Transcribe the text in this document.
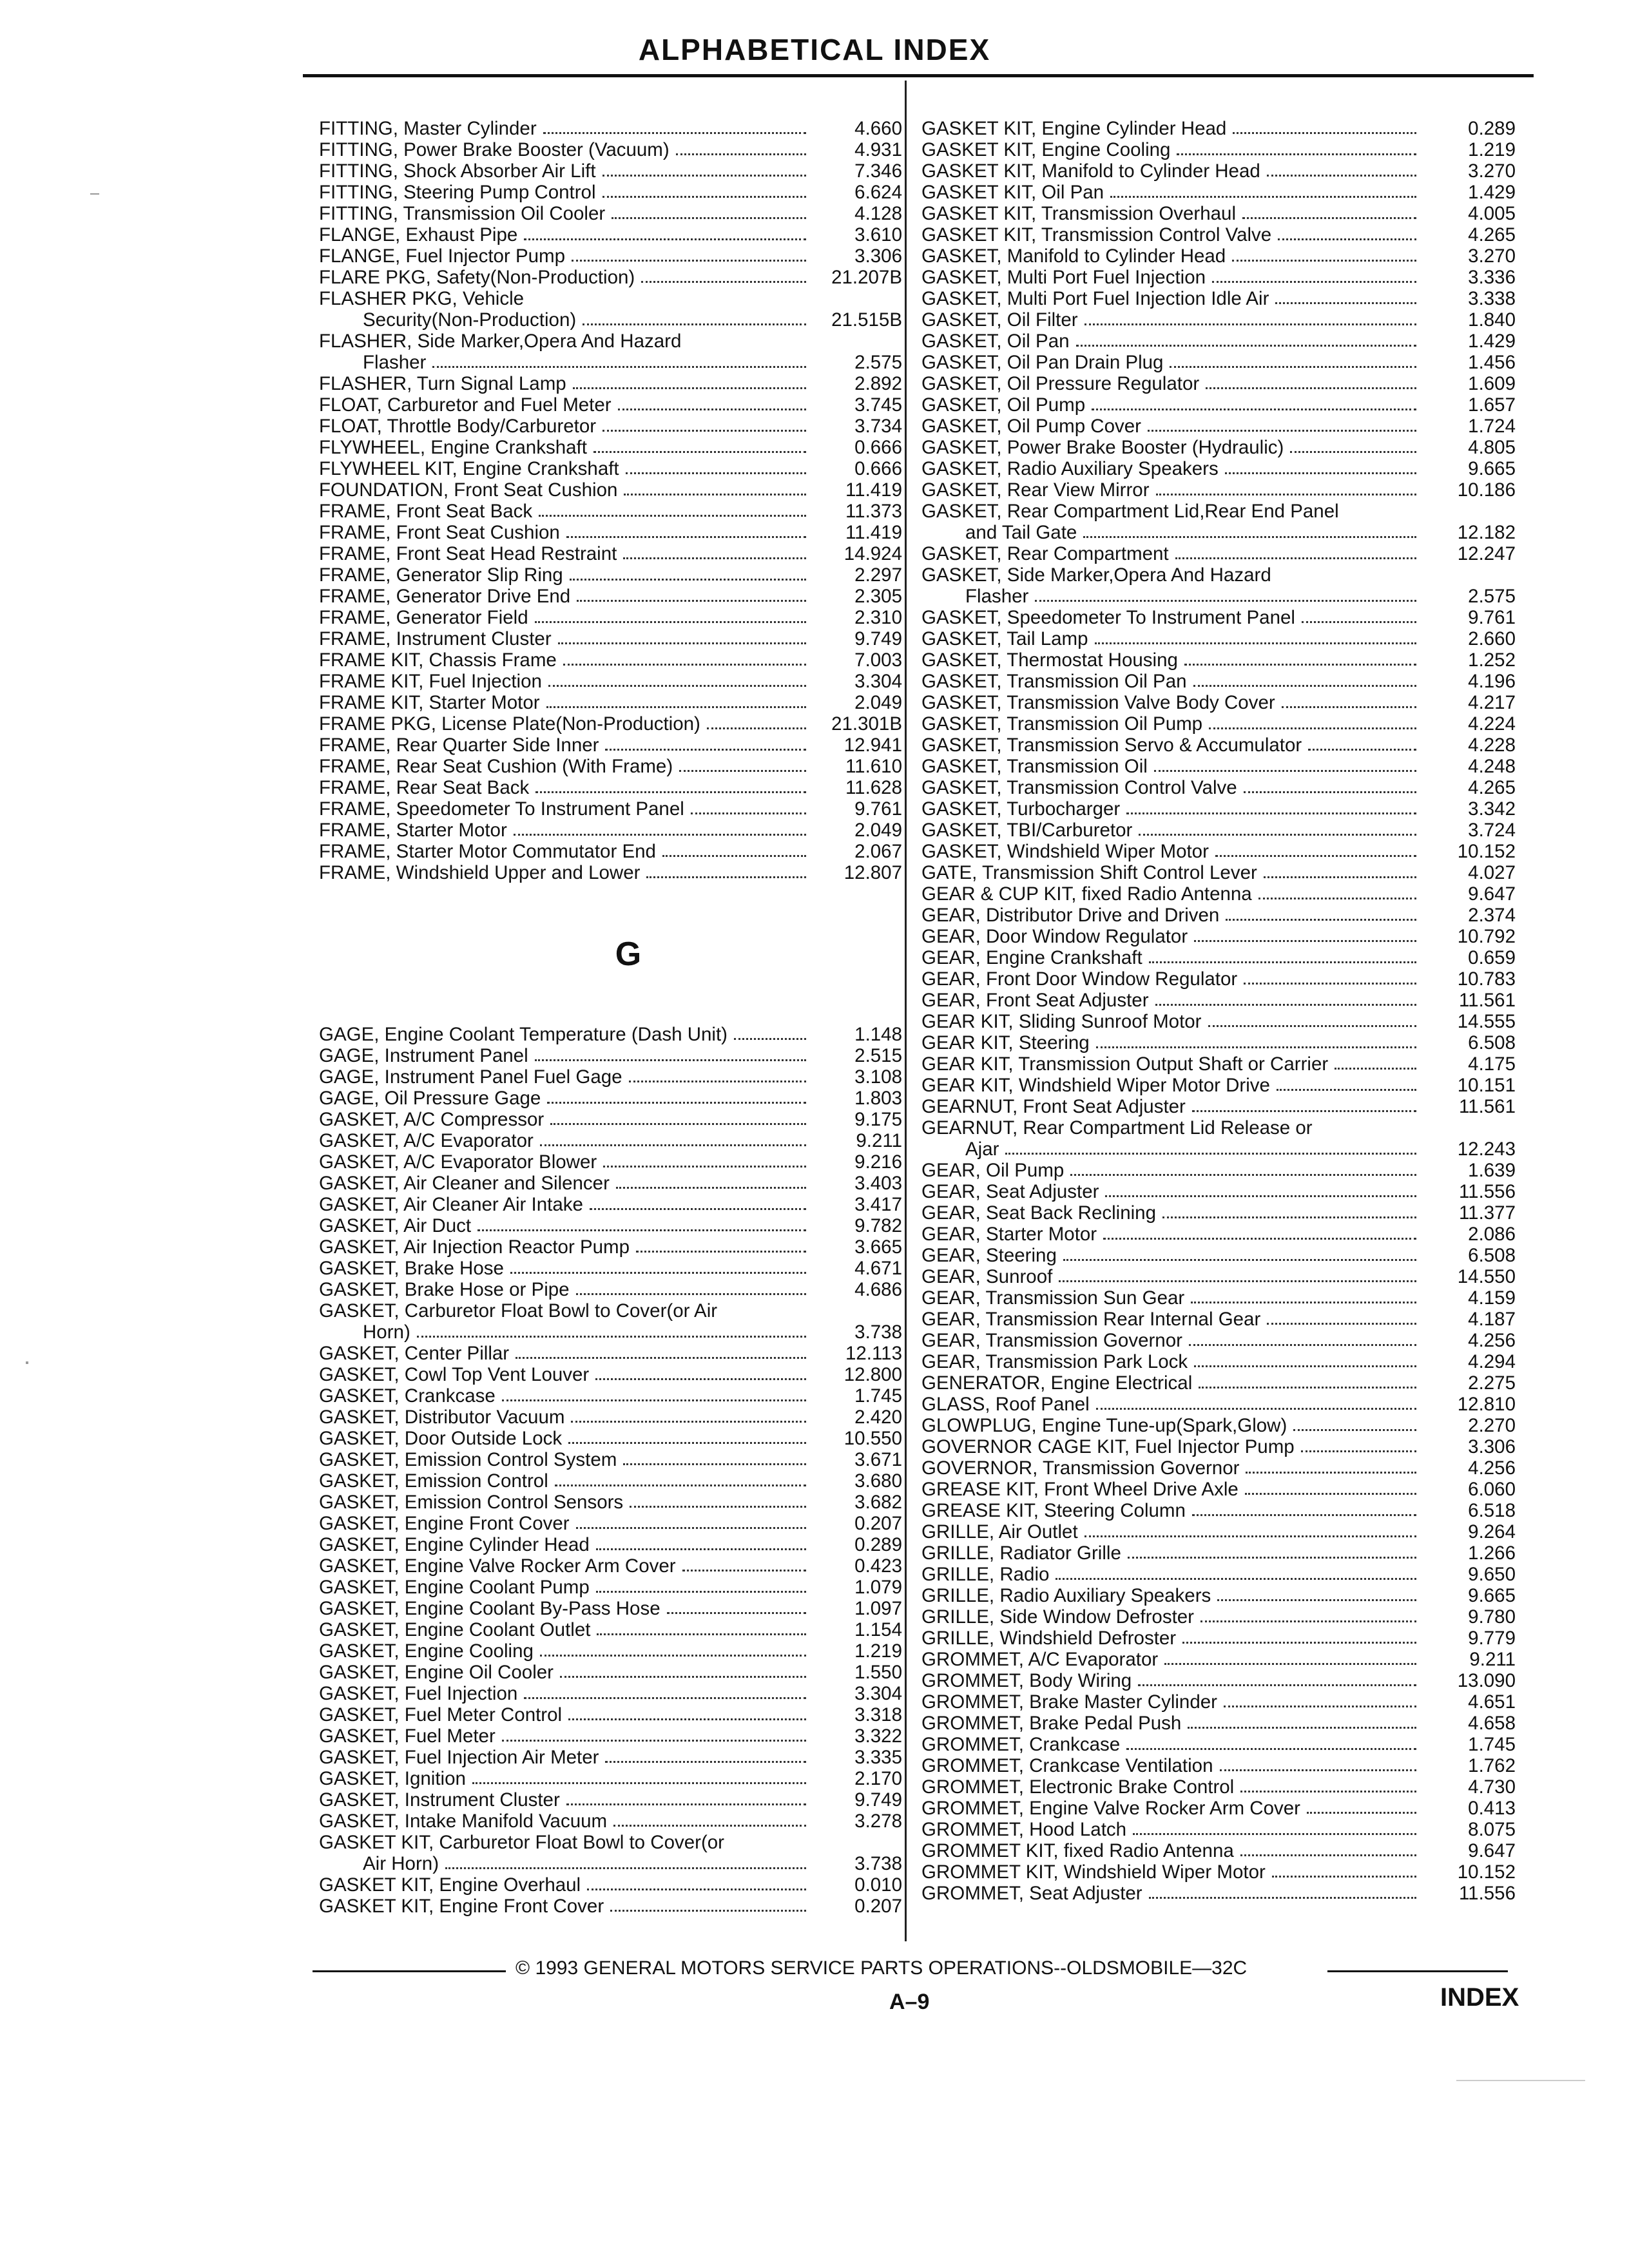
ALPHABETICAL INDEX
FITTING, Master Cylinder	4.660
FITTING, Power Brake Booster (Vacuum)	4.931
FITTING, Shock Absorber Air Lift	7.346
FITTING, Steering Pump Control	6.624
FITTING, Transmission Oil Cooler	4.128
FLANGE, Exhaust Pipe	3.610
FLANGE, Fuel Injector Pump	3.306
FLARE PKG, Safety(Non-Production)	21.207B
FLASHER PKG, Vehicle
Security(Non-Production)	21.515B
FLASHER, Side Marker,Opera And Hazard
Flasher	2.575
FLASHER, Turn Signal Lamp	2.892
FLOAT, Carburetor and Fuel Meter	3.745
FLOAT, Throttle Body/Carburetor	3.734
FLYWHEEL, Engine Crankshaft	0.666
FLYWHEEL KIT, Engine Crankshaft	0.666
FOUNDATION, Front Seat Cushion	11.419
FRAME, Front Seat Back	11.373
FRAME, Front Seat Cushion	11.419
FRAME, Front Seat Head Restraint	14.924
FRAME, Generator Slip Ring	2.297
FRAME, Generator Drive End	2.305
FRAME, Generator Field	2.310
FRAME, Instrument Cluster	9.749
FRAME KIT, Chassis Frame	7.003
FRAME KIT, Fuel Injection	3.304
FRAME KIT, Starter Motor	2.049
FRAME PKG, License Plate(Non-Production)	21.301B
FRAME, Rear Quarter Side Inner	12.941
FRAME, Rear Seat Cushion (With Frame)	11.610
FRAME, Rear Seat Back	11.628
FRAME, Speedometer To Instrument Panel	9.761
FRAME, Starter Motor	2.049
FRAME, Starter Motor Commutator End	2.067
FRAME, Windshield Upper and Lower	12.807
G
GAGE, Engine Coolant Temperature (Dash Unit)	1.148
GAGE, Instrument Panel	2.515
GAGE, Instrument Panel Fuel Gage	3.108
GAGE, Oil Pressure Gage	1.803
GASKET, A/C Compressor	9.175
GASKET, A/C Evaporator	9.211
GASKET, A/C Evaporator Blower	9.216
GASKET, Air Cleaner and Silencer	3.403
GASKET, Air Cleaner Air Intake	3.417
GASKET, Air Duct	9.782
GASKET, Air Injection Reactor Pump	3.665
GASKET, Brake Hose	4.671
GASKET, Brake Hose or Pipe	4.686
GASKET, Carburetor Float Bowl to Cover(or Air
Horn)	3.738
GASKET, Center Pillar	12.113
GASKET, Cowl Top Vent Louver	12.800
GASKET, Crankcase	1.745
GASKET, Distributor Vacuum	2.420
GASKET, Door Outside Lock	10.550
GASKET, Emission Control System	3.671
GASKET, Emission Control	3.680
GASKET, Emission Control Sensors	3.682
GASKET, Engine Front Cover	0.207
GASKET, Engine Cylinder Head	0.289
GASKET, Engine Valve Rocker Arm Cover	0.423
GASKET, Engine Coolant Pump	1.079
GASKET, Engine Coolant By-Pass Hose	1.097
GASKET, Engine Coolant Outlet	1.154
GASKET, Engine Cooling	1.219
GASKET, Engine Oil Cooler	1.550
GASKET, Fuel Injection	3.304
GASKET, Fuel Meter Control	3.318
GASKET, Fuel Meter	3.322
GASKET, Fuel Injection Air Meter	3.335
GASKET, Ignition	2.170
GASKET, Instrument Cluster	9.749
GASKET, Intake Manifold Vacuum	3.278
GASKET KIT, Carburetor Float Bowl to Cover(or
Air Horn)	3.738
GASKET KIT, Engine Overhaul	0.010
GASKET KIT, Engine Front Cover	0.207
GASKET KIT, Engine Cylinder Head	0.289
GASKET KIT, Engine Cooling	1.219
GASKET KIT, Manifold to Cylinder Head	3.270
GASKET KIT, Oil Pan	1.429
GASKET KIT, Transmission Overhaul	4.005
GASKET KIT, Transmission Control Valve	4.265
GASKET, Manifold to Cylinder Head	3.270
GASKET, Multi Port Fuel Injection	3.336
GASKET, Multi Port Fuel Injection Idle Air	3.338
GASKET, Oil Filter	1.840
GASKET, Oil Pan	1.429
GASKET, Oil Pan Drain Plug	1.456
GASKET, Oil Pressure Regulator	1.609
GASKET, Oil Pump	1.657
GASKET, Oil Pump Cover	1.724
GASKET, Power Brake Booster (Hydraulic)	4.805
GASKET, Radio Auxiliary Speakers	9.665
GASKET, Rear View Mirror	10.186
GASKET, Rear Compartment Lid,Rear End Panel
and Tail Gate	12.182
GASKET, Rear Compartment	12.247
GASKET, Side Marker,Opera And Hazard
Flasher	2.575
GASKET, Speedometer To Instrument Panel	9.761
GASKET, Tail Lamp	2.660
GASKET, Thermostat Housing	1.252
GASKET, Transmission Oil Pan	4.196
GASKET, Transmission Valve Body Cover	4.217
GASKET, Transmission Oil Pump	4.224
GASKET, Transmission Servo & Accumulator	4.228
GASKET, Transmission Oil	4.248
GASKET, Transmission Control Valve	4.265
GASKET, Turbocharger	3.342
GASKET, TBI/Carburetor	3.724
GASKET, Windshield Wiper Motor	10.152
GATE, Transmission Shift Control Lever	4.027
GEAR & CUP KIT, fixed Radio Antenna	9.647
GEAR, Distributor Drive and Driven	2.374
GEAR, Door Window Regulator	10.792
GEAR, Engine Crankshaft	0.659
GEAR, Front Door Window Regulator	10.783
GEAR, Front Seat Adjuster	11.561
GEAR KIT, Sliding Sunroof Motor	14.555
GEAR KIT, Steering	6.508
GEAR KIT, Transmission Output Shaft or Carrier	4.175
GEAR KIT, Windshield Wiper Motor Drive	10.151
GEARNUT, Front Seat Adjuster	11.561
GEARNUT, Rear Compartment Lid Release or
Ajar	12.243
GEAR, Oil Pump	1.639
GEAR, Seat Adjuster	11.556
GEAR, Seat Back Reclining	11.377
GEAR, Starter Motor	2.086
GEAR, Steering	6.508
GEAR, Sunroof	14.550
GEAR, Transmission Sun Gear	4.159
GEAR, Transmission Rear Internal Gear	4.187
GEAR, Transmission Governor	4.256
GEAR, Transmission Park Lock	4.294
GENERATOR, Engine Electrical	2.275
GLASS, Roof Panel	12.810
GLOWPLUG, Engine Tune-up(Spark,Glow)	2.270
GOVERNOR CAGE KIT, Fuel Injector Pump	3.306
GOVERNOR, Transmission Governor	4.256
GREASE KIT, Front Wheel Drive Axle	6.060
GREASE KIT, Steering Column	6.518
GRILLE, Air Outlet	9.264
GRILLE, Radiator Grille	1.266
GRILLE, Radio	9.650
GRILLE, Radio Auxiliary Speakers	9.665
GRILLE, Side Window Defroster	9.780
GRILLE, Windshield Defroster	9.779
GROMMET, A/C Evaporator	9.211
GROMMET, Body Wiring	13.090
GROMMET, Brake Master Cylinder	4.651
GROMMET, Brake Pedal Push	4.658
GROMMET, Crankcase	1.745
GROMMET, Crankcase Ventilation	1.762
GROMMET, Electronic Brake Control	4.730
GROMMET, Engine Valve Rocker Arm Cover	0.413
GROMMET, Hood Latch	8.075
GROMMET KIT, fixed Radio Antenna	9.647
GROMMET KIT, Windshield Wiper Motor	10.152
GROMMET, Seat Adjuster	11.556
© 1993 GENERAL MOTORS SERVICE PARTS OPERATIONS--OLDSMOBILE—32C
A–9	INDEX
